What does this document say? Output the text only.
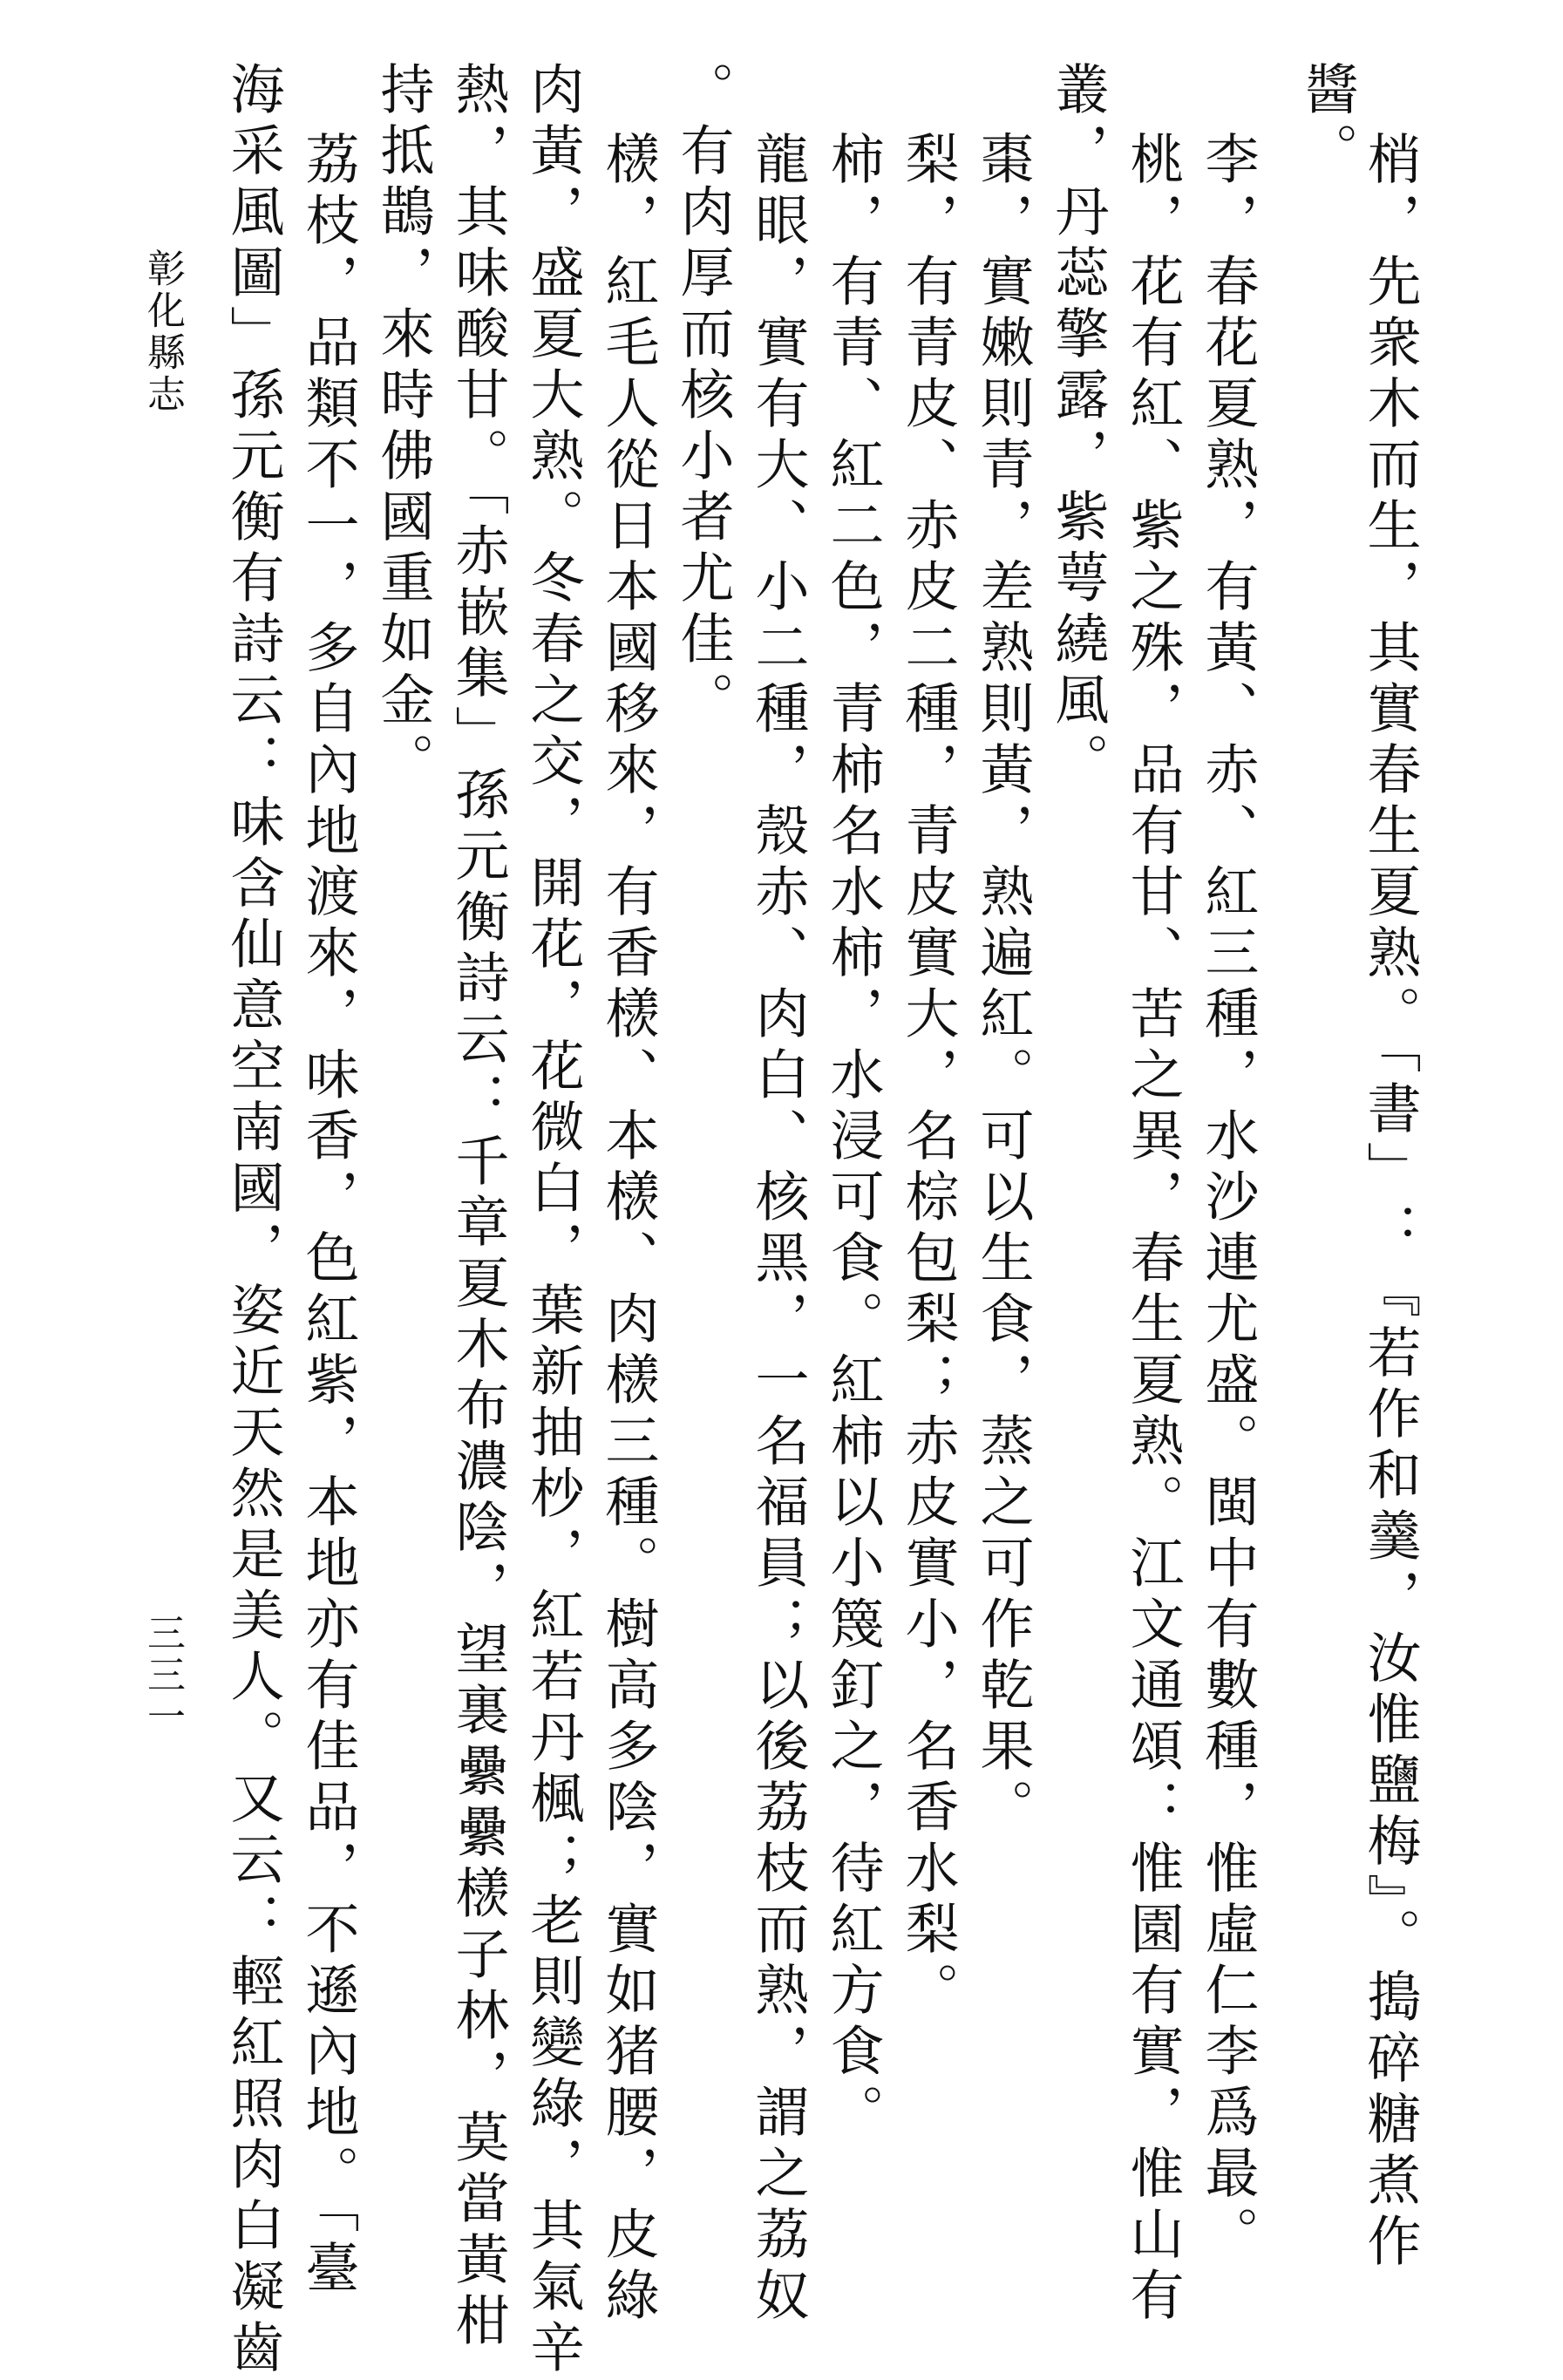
梢，先衆木而生，其實春生夏熟。「書」：『若作和羹，汝惟鹽梅』。搗碎糖煮作
醬。
李，春花夏熟，有黃、赤、紅三種，水沙連尤盛。閩中有數種，惟虛仁李爲最。
桃，花有紅、紫之殊，品有甘、苦之異，春生夏熟。江文通頌：惟園有實，惟山有
叢，丹蕊擎露，紫萼繞風。
棗，實嫩則青，差熟則黃，熟遍紅。可以生食，蒸之可作乾果。
梨，有青皮、赤皮二種，青皮實大，名棕包梨；赤皮實小，名香水梨。
柿，有青、紅二色，青柿名水柿，水浸可食。紅柿以小篾釘之，待紅方食。
龍眼，實有大、小二種，殼赤、肉白、核黑，一名福員；以後荔枝而熟，謂之荔奴
。有肉厚而核小者尤佳。
檨，紅毛人從日本國移來，有香檨、本檨、肉檨三種。樹高多陰，實如猪腰，皮綠
肉黃，盛夏大熟。冬春之交，開花，花微白，葉新抽杪，紅若丹楓；老則變綠，其氣辛
熱，其味酸甘。「赤嵌集」孫元衡詩云：千章夏木布濃陰，望裏纍纍檨子林，莫當黃柑
持抵鵲，來時佛國重如金。
荔枝，品類不一，多自內地渡來，味香，色紅紫，本地亦有佳品，不遜內地。「臺
海采風圖」孫元衡有詩云：味含仙意空南國，姿近天然是美人。又云：輕紅照肉白凝齒
彰化縣志
三三一
